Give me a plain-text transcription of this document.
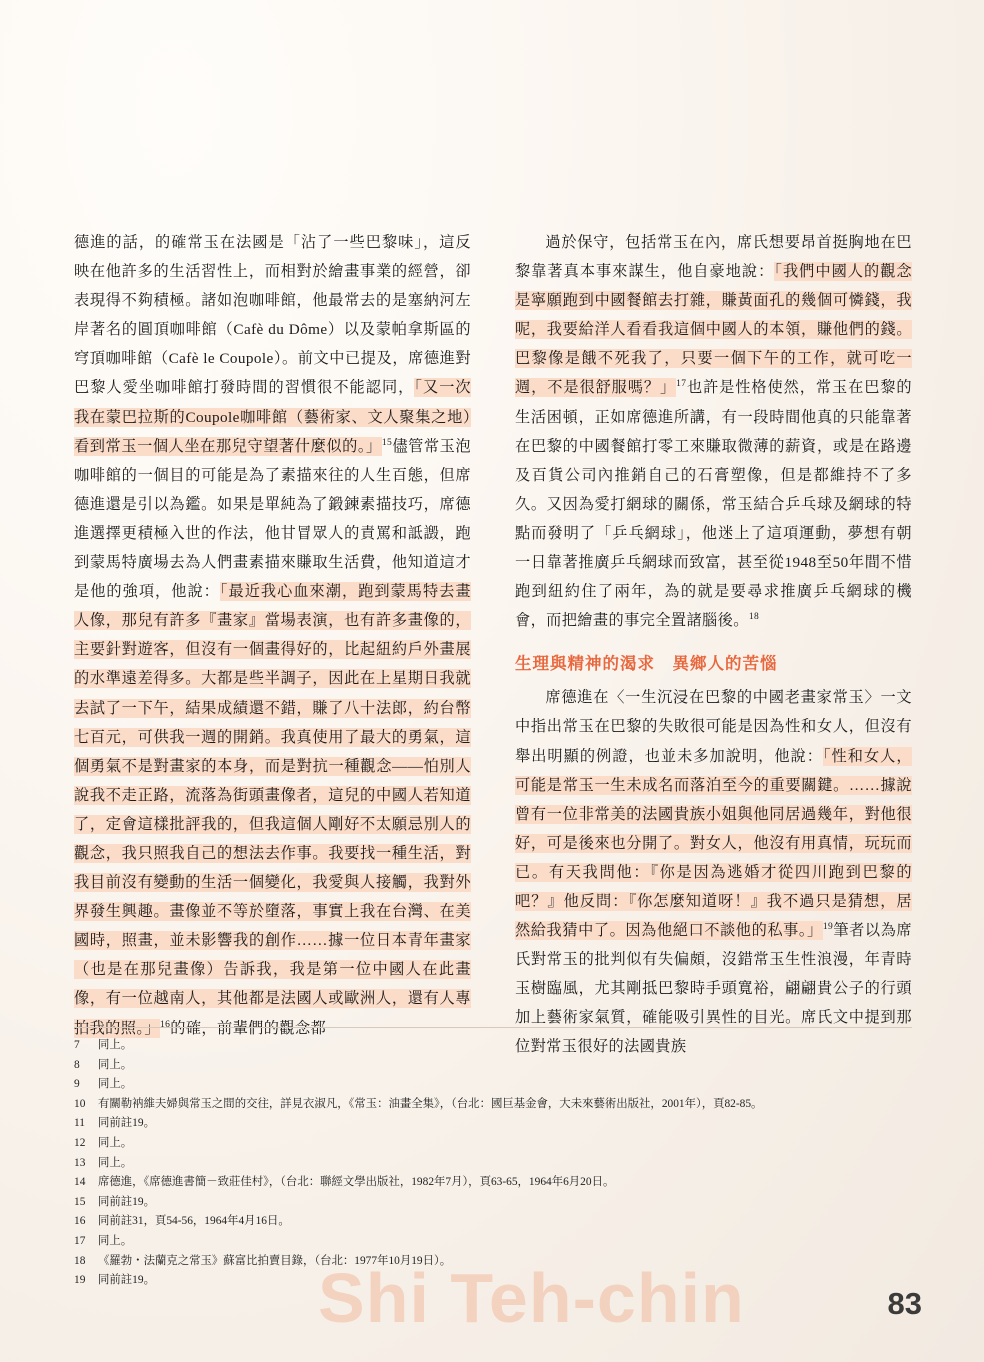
德進的話，的確常玉在法國是「沾了一些巴黎味」，這反映在他許多的生活習性上，而相對於繪畫事業的經營，卻表現得不夠積極。諸如泡咖啡館，他最常去的是塞納河左岸著名的圓頂咖啡館（Cafè du Dôme）以及蒙帕拿斯區的穹頂咖啡館（Cafè le Coupole）。前文中已提及，席德進對巴黎人愛坐咖啡館打發時間的習慣很不能認同，「又一次我在蒙巴拉斯的Coupole咖啡館（藝術家、文人聚集之地）看到常玉一個人坐在那兒守望著什麼似的。」$^{15}$儘管常玉泡咖啡館的一個目的可能是為了素描來往的人生百態，但席德進還是引以為鑑。如果是單純為了鍛鍊素描技巧，席德進選擇更積極入世的作法，他甘冒眾人的責罵和詆譭，跑到蒙馬特廣場去為人們畫素描來賺取生活費，他知道這才是他的強項，他說：「最近我心血來潮，跑到蒙馬特去畫人像，那兒有許多『畫家』當場表演，也有許多畫像的，主要針對遊客，但沒有一個畫得好的，比起紐約戶外畫展的水準遠差得多。大都是些半調子，因此在上星期日我就去試了一下午，結果成績還不錯，賺了八十法郎，約台幣七百元，可供我一週的開銷。我真使用了最大的勇氣，這個勇氣不是對畫家的本身，而是對抗一種觀念——怕別人說我不走正路，流落為街頭畫像者，這兒的中國人若知道了，定會這樣批評我的，但我這個人剛好不太願忌別人的觀念，我只照我自己的想法去作事。我要找一種生活，對我目前沒有變動的生活一個變化，我愛與人接觸，我對外界發生興趣。畫像並不等於墮落，事實上我在台灣、在美國時，照畫，並未影響我的創作……據一位日本青年畫家（也是在那兒畫像）告訴我，我是第一位中國人在此畫像，有一位越南人，其他都是法國人或歐洲人，還有人專拍我的照。」$^{16}$的確，前輩們的觀念都

過於保守，包括常玉在內，席氏想要昂首挺胸地在巴黎靠著真本事來謀生，他自豪地說：「我們中國人的觀念是寧願跑到中國餐館去打雜，賺黃面孔的幾個可憐錢，我呢，我要給洋人看看我這個中國人的本領，賺他們的錢。巴黎像是餓不死我了，只要一個下午的工作，就可吃一週，不是很舒服嗎？」$^{17}$也許是性格使然，常玉在巴黎的生活困頓，正如席德進所講，有一段時間他真的只能靠著在巴黎的中國餐館打零工來賺取微薄的薪資，或是在路邊及百貨公司內推銷自己的石膏塑像，但是都維持不了多久。又因為愛打網球的關係，常玉結合乒乓球及網球的特點而發明了「乒乓網球」，他迷上了這項運動，夢想有朝一日靠著推廣乒乓網球而致富，甚至從1948至50年間不惜跑到紐約住了兩年，為的就是要尋求推廣乒乓網球的機會，而把繪畫的事完全置諸腦後。$^{18}$

生理與精神的渴求　異鄉人的苦惱

席德進在〈一生沉浸在巴黎的中國老畫家常玉〉一文中指出常玉在巴黎的失敗很可能是因為性和女人，但沒有舉出明顯的例證，也並未多加說明，他說：「性和女人，可能是常玉一生未成名而落泊至今的重要關鍵。……據說曾有一位非常美的法國貴族小姐與他同居過幾年，對他很好，可是後來也分開了。對女人，他沒有用真情，玩玩而已。有天我問他：『你是因為逃婚才從四川跑到巴黎的吧？』他反問：『你怎麼知道呀！』我不過只是猜想，居然給我猜中了。因為他絕口不談他的私事。」$^{19}$筆者以為席氏對常玉的批判似有失偏頗，沒錯常玉生性浪漫，年青時玉樹臨風，尤其剛抵巴黎時手頭寬裕，翩翩貴公子的行頭加上藝術家氣質，確能吸引異性的目光。席氏文中提到那位對常玉很好的法國貴族

7	同上。
8	同上。
9	同上。
10	有關勒衲維夫婦與常玉之間的交往，詳見衣淑凡，《常玉：油畫全集》，（台北：國巨基金會，大未來藝術出版社，2001年），頁82-85。
11	同前註19。
12	同上。
13	同上。
14	席德進，《席德進書簡－致莊佳村》，（台北：聯經文學出版社，1982年7月），頁63-65，1964年6月20日。
15	同前註19。
16	同前註31，頁54-56，1964年4月16日。
17	同上。
18	《羅勃・法蘭克之常玉》蘇富比拍賣目錄，（台北：1977年10月19日）。
19	同前註19。 Shi Teh-chin	83
